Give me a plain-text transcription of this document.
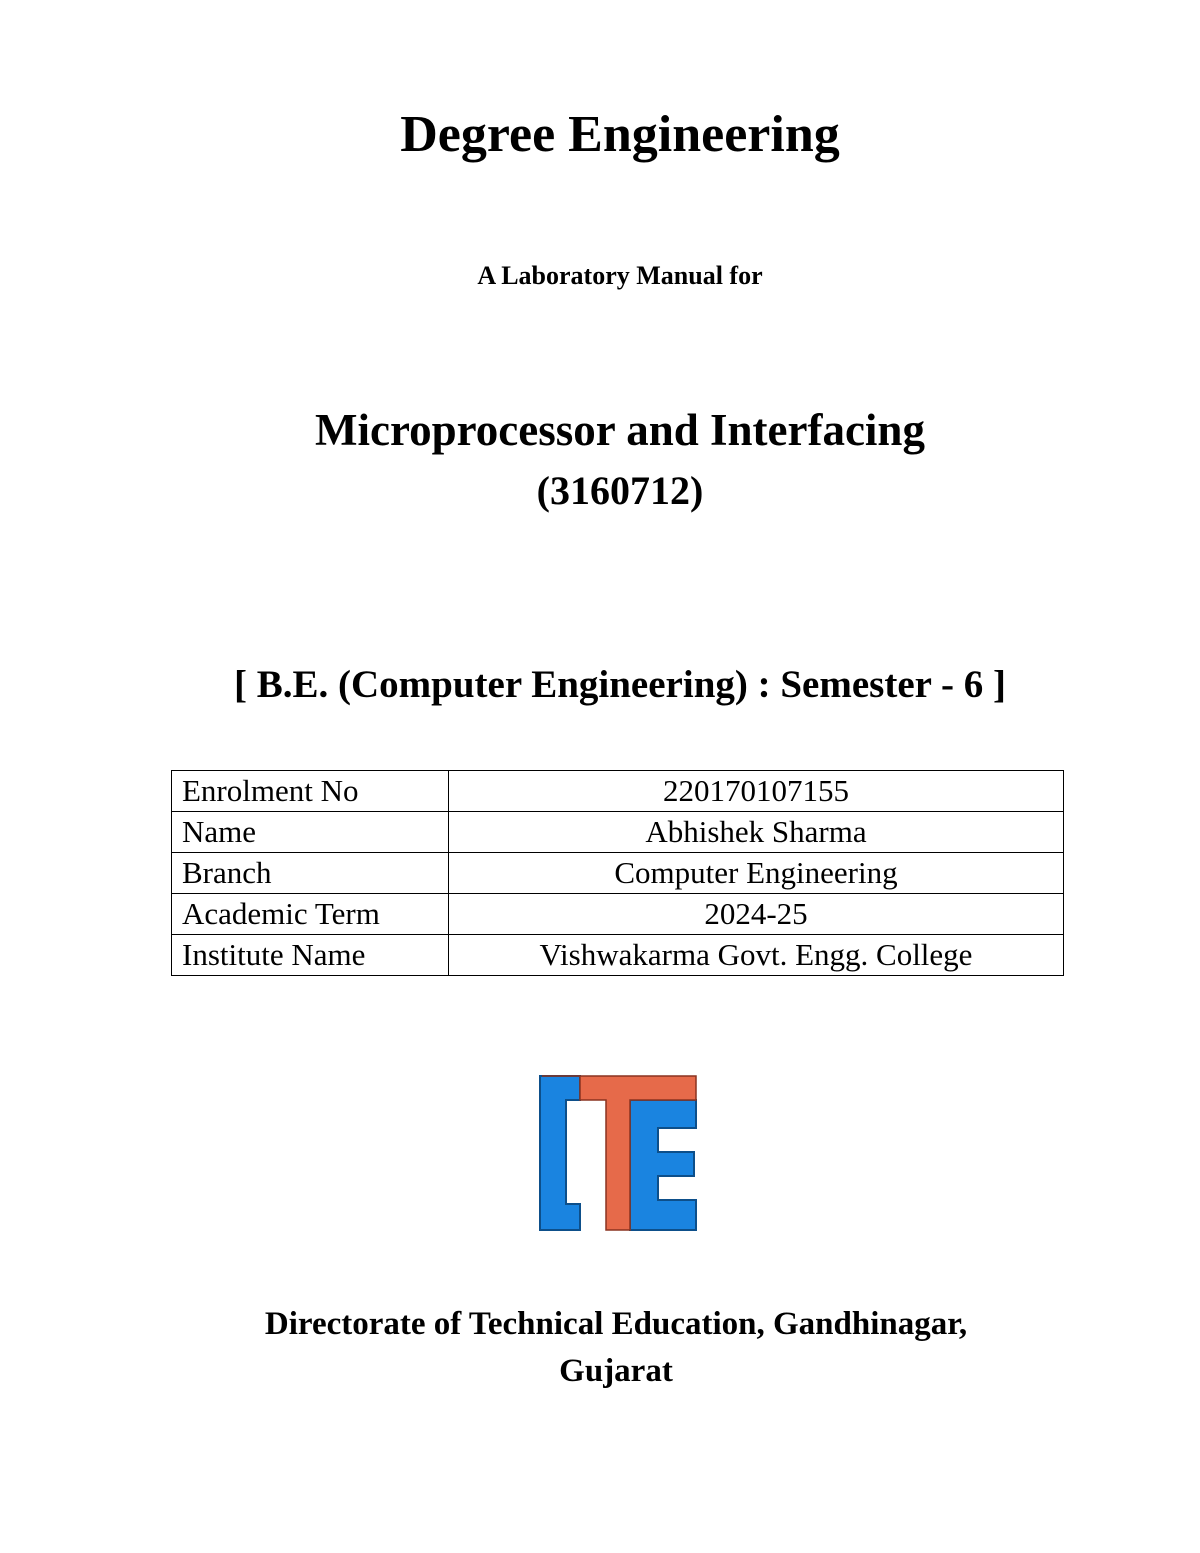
Degree Engineering
A Laboratory Manual for
Microprocessor and Interfacing
(3160712)
[ B.E. (Computer Engineering) : Semester - 6 ]
Enrolment No	220170107155
Name	Abhishek Sharma
Branch	Computer Engineering
Academic Term	2024-25
Institute Name	Vishwakarma Govt. Engg. College
Directorate of Technical Education, Gandhinagar,
Gujarat
